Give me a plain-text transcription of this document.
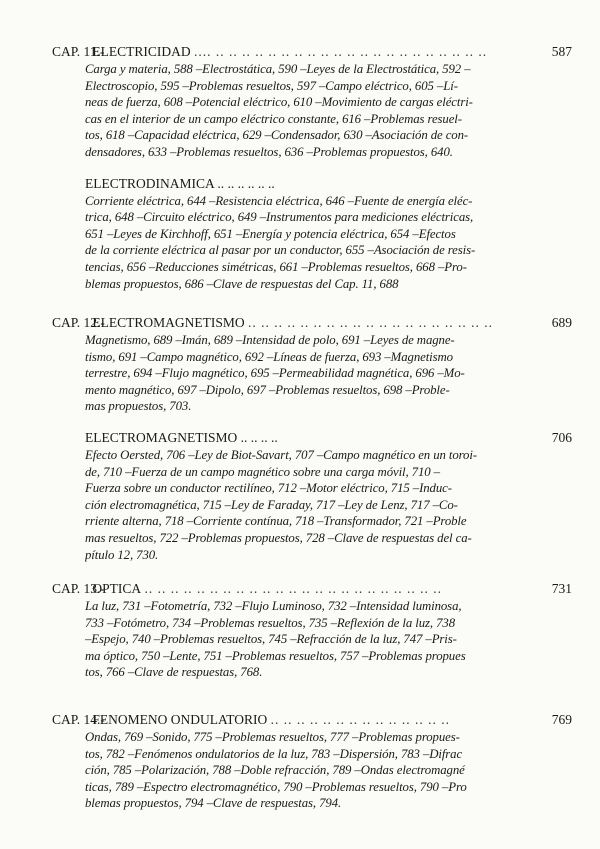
CAP. 11.- ELECTRICIDAD .... .. .. .. .. .. .. .. .. .. .. .. .. .. .. .. .. .. .. .. .. ..	587
Carga y materia, 588 –Electrostática, 590 –Leyes de la Electrostática, 592 –
Electroscopio, 595 –Problemas resueltos, 597 –Campo eléctrico, 605 –Lí-
neas de fuerza, 608 –Potencial eléctrico, 610 –Movimiento de cargas eléctri-
cas en el interior de un campo eléctrico constante, 616 –Problemas resuel-
tos, 618 –Capacidad eléctrica, 629 –Condensador, 630 –Asociación de con-
densadores, 633 –Problemas resueltos, 636 –Problemas propuestos, 640.
ELECTRODINAMICA .. .. .. .. .. ..
Corriente eléctrica, 644 –Resistencia eléctrica, 646 –Fuente de energía eléc-
trica, 648 –Circuito eléctrico, 649 –Instrumentos para mediciones eléctricas,
651 –Leyes de Kirchhoff, 651 –Energía y potencia eléctrica, 654 –Efectos
de la corriente eléctrica al pasar por un conductor, 655 –Asociación de resis-
tencias, 656 –Reducciones simétricas, 661 –Problemas resueltos, 668 –Pro-
blemas propuestos, 686 –Clave de respuestas del Cap. 11, 688
CAP. 12.- ELECTROMAGNETISMO .. .. .. .. .. .. .. .. .. .. .. .. .. .. .. .. .. .. ..	689
Magnetismo, 689 –Imán, 689 –Intensidad de polo, 691 –Leyes de magne-
tismo, 691 –Campo magnético, 692 –Líneas de fuerza, 693 –Magnetismo
terrestre, 694 –Flujo magnético, 695 –Permeabilidad magnética, 696 –Mo-
mento magnético, 697 –Dipolo, 697 –Problemas resueltos, 698 –Proble-
mas propuestos, 703.
ELECTROMAGNETISMO .. .. .. ..	706
Efecto Oersted, 706 –Ley de Biot-Savart, 707 –Campo magnético en un toroi-
de, 710 –Fuerza de un campo magnético sobre una carga móvil, 710 –
Fuerza sobre un conductor rectilíneo, 712 –Motor eléctrico, 715 –Induc-
ción electromagnética, 715 –Ley de Faraday, 717 –Ley de Lenz, 717 –Co-
rriente alterna, 718 –Corriente contínua, 718 –Transformador, 721 –Proble
mas resueltos, 722 –Problemas propuestos, 728 –Clave de respuestas del ca-
pítulo 12, 730.
CAP. 13.- OPTICA .. .. .. .. .. .. .. .. .. .. .. .. .. .. .. .. .. .. .. .. .. .. ..	731
La luz, 731 –Fotometría, 732 –Flujo Luminoso, 732 –Intensidad luminosa,
733 –Fotómetro, 734 –Problemas resueltos, 735 –Reflexión de la luz, 738
–Espejo, 740 –Problemas resueltos, 745 –Refracción de la luz, 747 –Pris-
ma óptico, 750 –Lente, 751 –Problemas resueltos, 757 –Problemas propues
tos, 766 –Clave de respuestas, 768.
CAP. 14.- FENOMENO ONDULATORIO .. .. .. .. .. .. .. .. .. .. .. .. .. ..	769
Ondas, 769 –Sonido, 775 –Problemas resueltos, 777 –Problemas propues-
tos, 782 –Fenómenos ondulatorios de la luz, 783 –Dispersión, 783 –Difrac
ción, 785 –Polarización, 788 –Doble refracción, 789 –Ondas electromagné
ticas, 789 –Espectro electromagnético, 790 –Problemas resueltos, 790 –Pro
blemas propuestos, 794 –Clave de respuestas, 794.
